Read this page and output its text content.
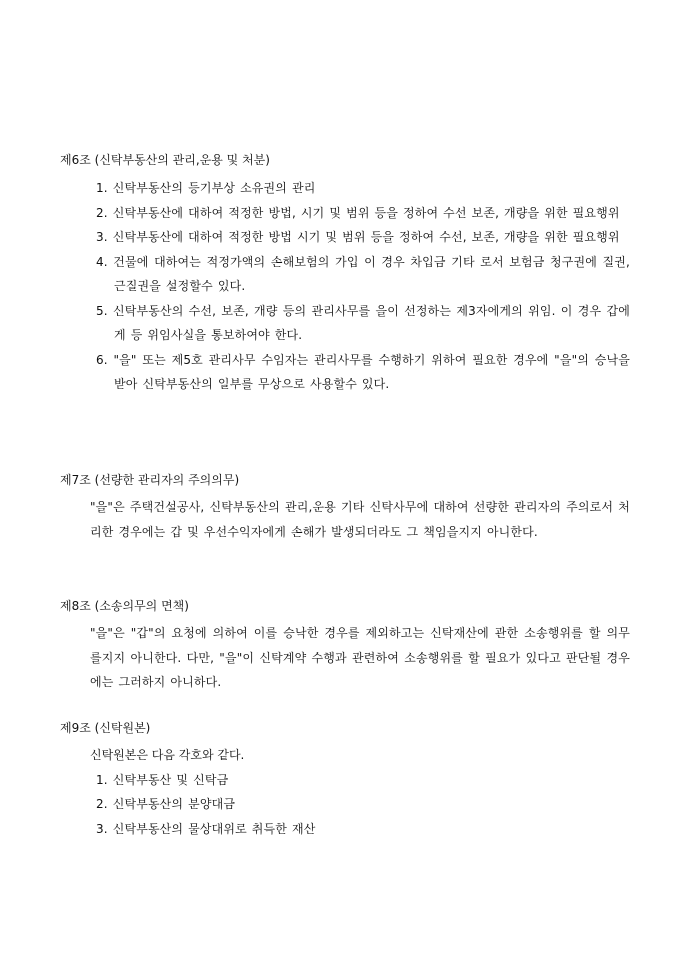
제6조 (신탁부동산의 관리,운용 및 처분)
1. 신탁부동산의 등기부상 소유권의 관리
2. 신탁부동산에 대하여 적정한 방법, 시기 및 범위 등을 정하여 수선 보존, 개량을 위한 필요행위
3. 신탁부동산에 대하여 적정한 방법 시기 및 범위 등을 정하여 수선, 보존, 개량을 위한 필요행위
4. 건물에 대하여는 적정가액의 손해보험의 가입 이 경우 차입금 기타 로서 보험금 청구권에 질권, 근질권을 설정할수 있다.
5. 신탁부동산의 수선, 보존, 개량 등의 관리사무를 을이 선정하는 제3자에게의 위임. 이 경우 갑에게 등 위임사실을 통보하여야 한다.
6. "을" 또는 제5호 관리사무 수임자는 관리사무를 수행하기 위하여 필요한 경우에 "을"의 승낙을 받아 신탁부동산의 일부를 무상으로 사용할수 있다.
제7조 (선량한 관리자의 주의의무)
"을"은 주택건설공사, 신탁부동산의 관리,운용 기타 신탁사무에 대하여 선량한 관리자의 주의로서 처리한 경우에는 갑 및 우선수익자에게 손해가 발생되더라도 그 책임을지지 아니한다.
제8조 (소송의무의 면책)
"을"은 "갑"의 요청에 의하여 이를 승낙한 경우를 제외하고는 신탁재산에 관한 소송행위를 할 의무를지지 아니한다. 다만, "을"이 신탁계약 수행과 관련하여 소송행위를 할 필요가 있다고 판단될 경우에는 그러하지 아니하다.
제9조 (신탁원본)
신탁원본은 다음 각호와 같다.
1. 신탁부동산 및 신탁금
2. 신탁부동산의 분양대금
3. 신탁부동산의 물상대위로 취득한 재산
